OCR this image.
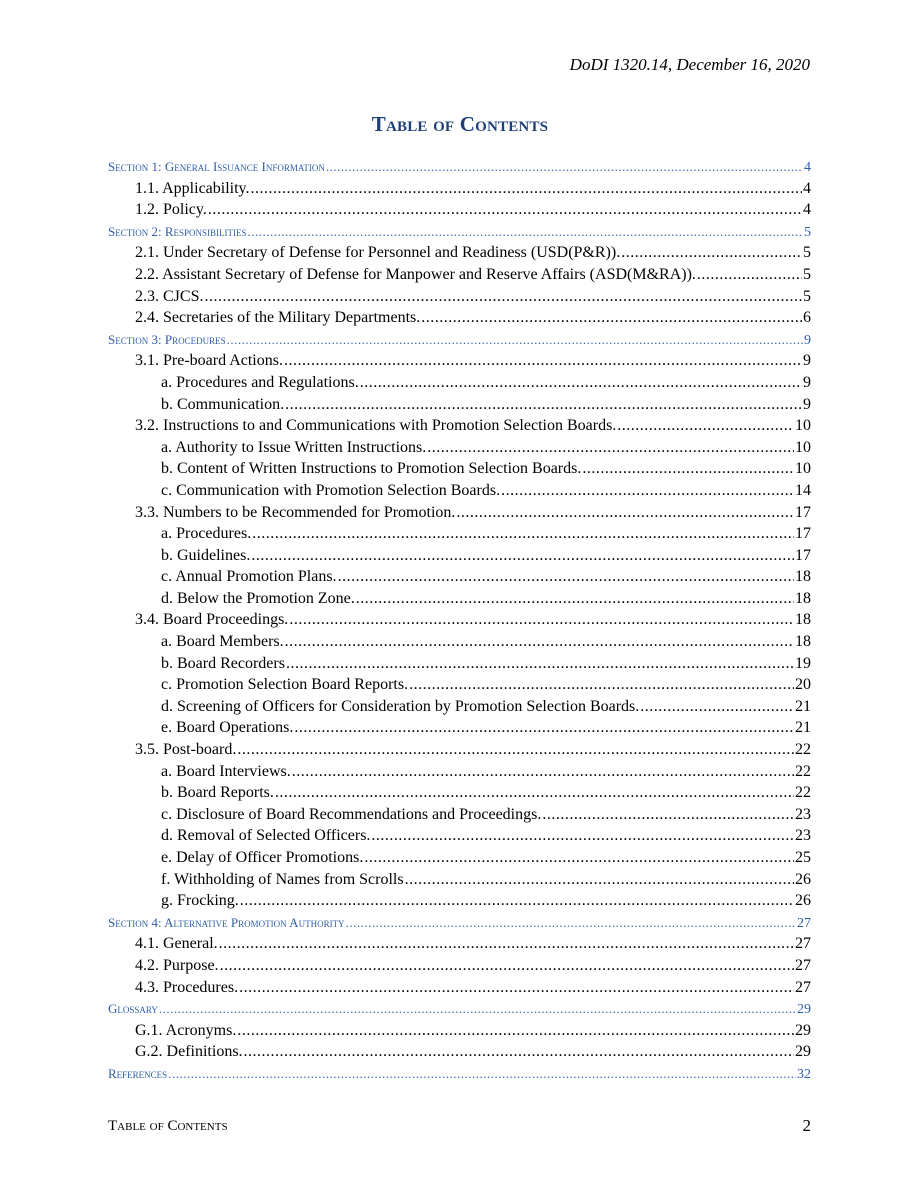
DoDI 1320.14, December 16, 2020
Table of Contents
Section 1: General Issuance Information .....	4
1.1. Applicability. .....	4
1.2. Policy. .....	4
Section 2: Responsibilities .....	5
2.1. Under Secretary of Defense for Personnel and Readiness (USD(P&R)). .....	5
2.2. Assistant Secretary of Defense for Manpower and Reserve Affairs (ASD(M&RA)). .....	5
2.3. CJCS. .....	5
2.4. Secretaries of the Military Departments. .....	6
Section 3: Procedures .....	9
3.1. Pre-board Actions. .....	9
a. Procedures and Regulations. .....	9
b. Communication. .....	9
3.2. Instructions to and Communications with Promotion Selection Boards. .....	10
a. Authority to Issue Written Instructions. .....	10
b. Content of Written Instructions to Promotion Selection Boards. .....	10
c. Communication with Promotion Selection Boards. .....	14
3.3. Numbers to be Recommended for Promotion. .....	17
a. Procedures. .....	17
b. Guidelines. .....	17
c. Annual Promotion Plans. .....	18
d. Below the Promotion Zone. .....	18
3.4. Board Proceedings. .....	18
a. Board Members. .....	18
b. Board Recorders .....	19
c. Promotion Selection Board Reports. .....	20
d. Screening of Officers for Consideration by Promotion Selection Boards. .....	21
e. Board Operations. .....	21
3.5. Post-board. .....	22
a. Board Interviews. .....	22
b. Board Reports. .....	22
c. Disclosure of Board Recommendations and Proceedings. .....	23
d. Removal of Selected Officers. .....	23
e. Delay of Officer Promotions. .....	25
f. Withholding of Names from Scrolls .....	26
g. Frocking. .....	26
Section 4: Alternative Promotion Authority .....	27
4.1. General. .....	27
4.2. Purpose. .....	27
4.3. Procedures. .....	27
Glossary .....	29
G.1. Acronyms. .....	29
G.2. Definitions. .....	29
References .....	32
Table of Contents	2
